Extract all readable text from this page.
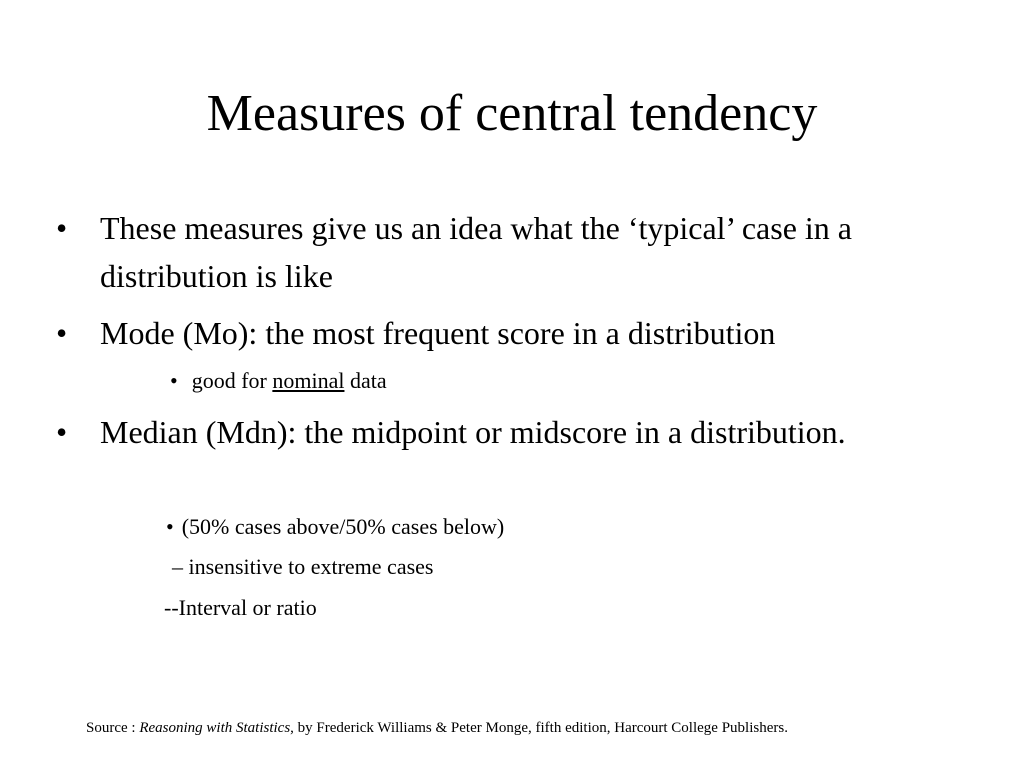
Measures of central tendency
• These measures give us an idea what the ‘typical’ case in a distribution is like
• Mode (Mo): the most frequent score in a distribution
• good for nominal data
• Median (Mdn): the midpoint or midscore in a distribution.
• (50% cases above/50% cases below)
– insensitive to extreme cases
--Interval or ratio
Source : Reasoning with Statistics, by Frederick Williams & Peter Monge, fifth edition, Harcourt College Publishers.
